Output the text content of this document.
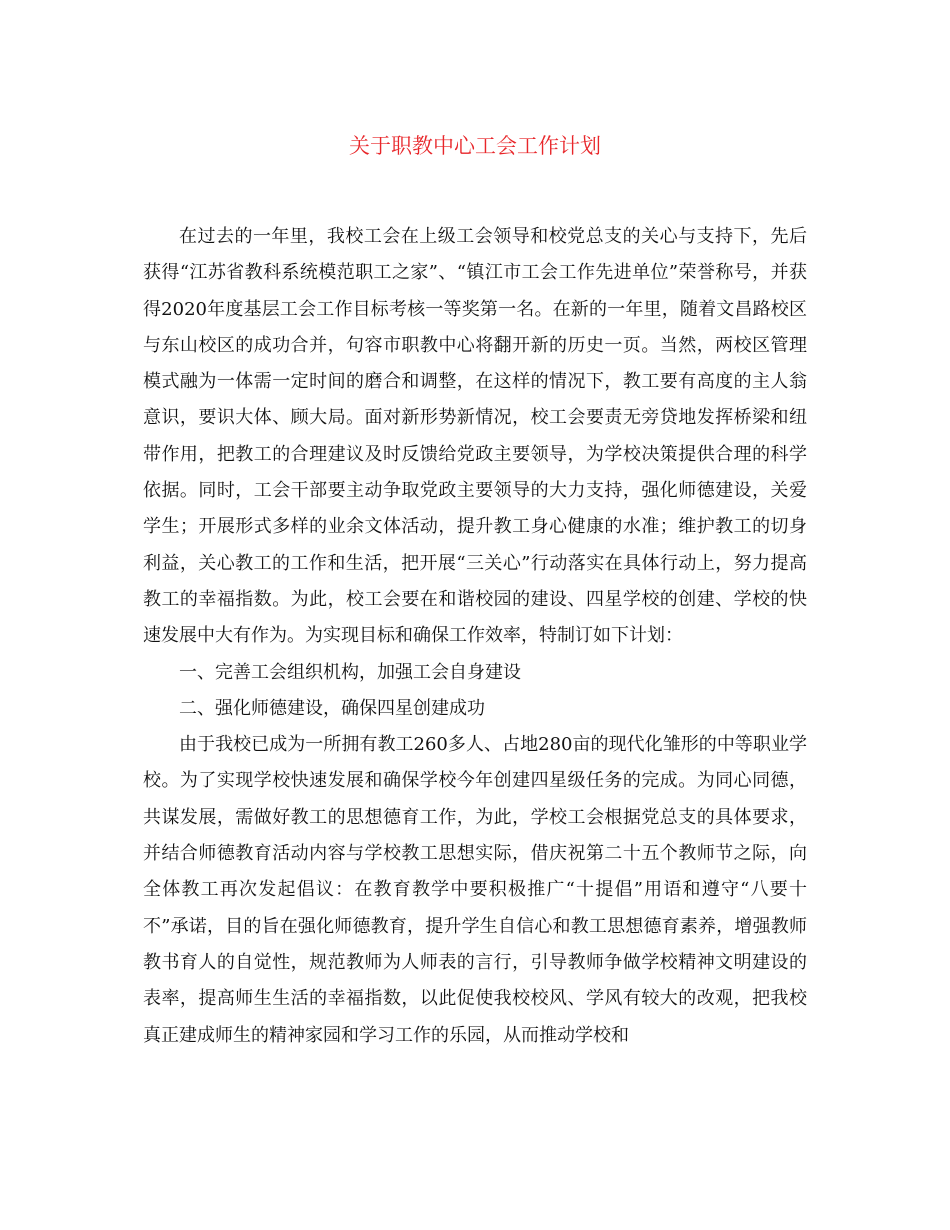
关于职教中心工会工作计划

在过去的一年里，我校工会在上级工会领导和校党总支的关心与支持下，先后获得“江苏省教科系统模范职工之家”、“镇江市工会工作先进单位”荣誉称号，并获得2020年度基层工会工作目标考核一等奖第一名。在新的一年里，随着文昌路校区与东山校区的成功合并，句容市职教中心将翻开新的历史一页。当然，两校区管理模式融为一体需一定时间的磨合和调整，在这样的情况下，教工要有高度的主人翁意识，要识大体、顾大局。面对新形势新情况，校工会要责无旁贷地发挥桥梁和纽带作用，把教工的合理建议及时反馈给党政主要领导，为学校决策提供合理的科学依据。同时，工会干部要主动争取党政主要领导的大力支持，强化师德建设，关爱学生；开展形式多样的业余文体活动，提升教工身心健康的水准；维护教工的切身利益，关心教工的工作和生活，把开展“三关心”行动落实在具体行动上，努力提高教工的幸福指数。为此，校工会要在和谐校园的建设、四星学校的创建、学校的快速发展中大有作为。为实现目标和确保工作效率，特制订如下计划：

一、完善工会组织机构，加强工会自身建设

二、强化师德建设，确保四星创建成功

由于我校已成为一所拥有教工260多人、占地280亩的现代化雏形的中等职业学校。为了实现学校快速发展和确保学校今年创建四星级任务的完成。为同心同德，共谋发展，需做好教工的思想德育工作，为此，学校工会根据党总支的具体要求，并结合师德教育活动内容与学校教工思想实际，借庆祝第二十五个教师节之际，向全体教工再次发起倡议：在教育教学中要积极推广“十提倡”用语和遵守“八要十不”承诺，目的旨在强化师德教育，提升学生自信心和教工思想德育素养，增强教师教书育人的自觉性，规范教师为人师表的言行，引导教师争做学校精神文明建设的表率，提高师生生活的幸福指数，以此促使我校校风、学风有较大的改观，把我校真正建成师生的精神家园和学习工作的乐园，从而推动学校和
